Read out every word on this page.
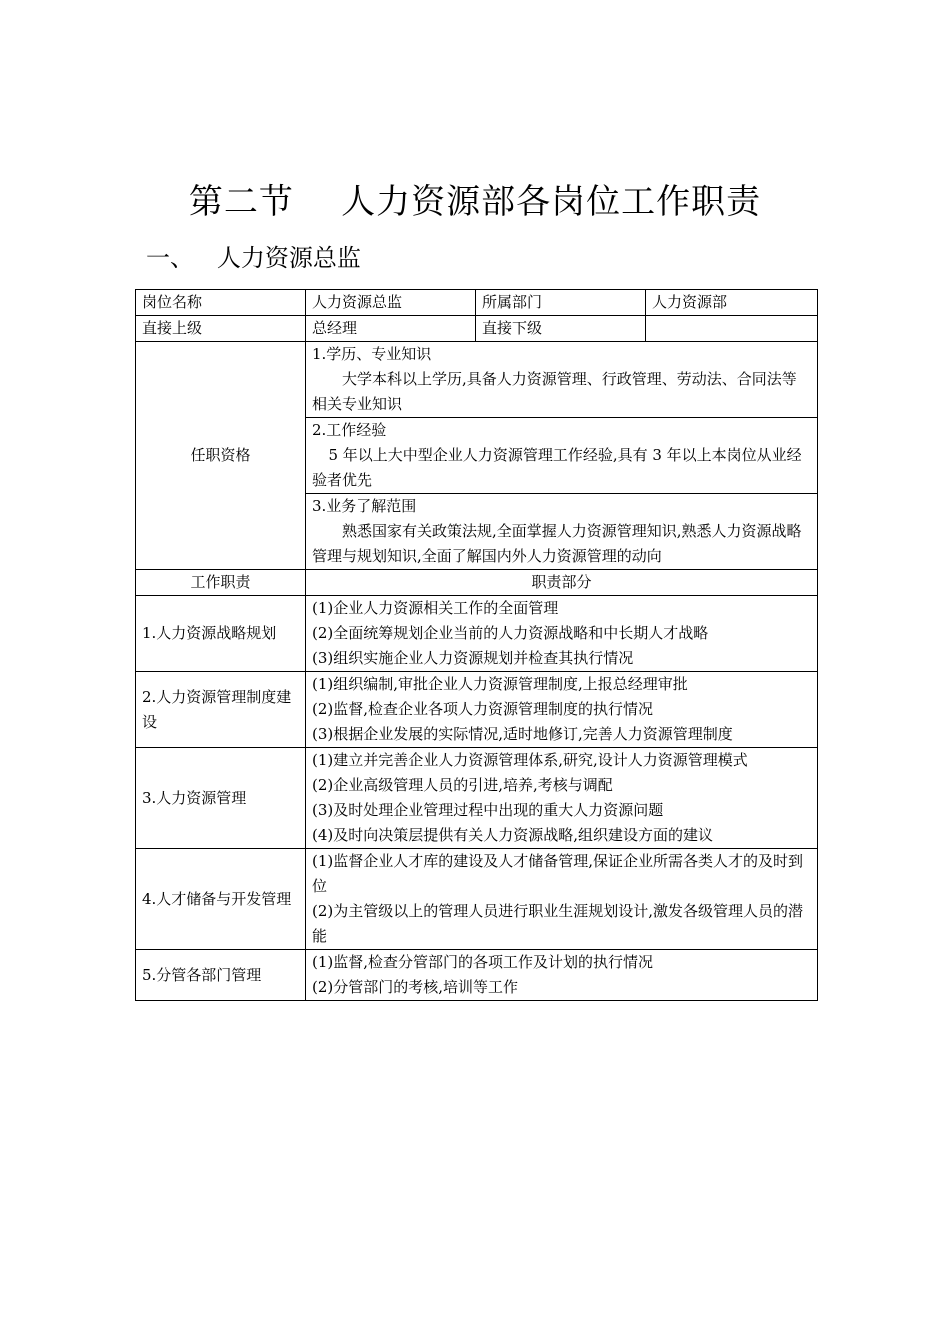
第二节    人力资源部各岗位工作职责
一、   人力资源总监
岗位名称	人力资源总监	所属部门	人力资源部
直接上级	总经理	直接下级	
任职资格	1.学历、专业知识
大学本科以上学历,具备人力资源管理、行政管理、劳动法、合同法等相关专业知识		

	2.工作经验
5 年以上大中型企业人力资源管理工作经验,具有 3 年以上本岗位从业经验者优先		

	3.业务了解范围
熟悉国家有关政策法规,全面掌握人力资源管理知识,熟悉人力资源战略管理与规划知识,全面了解国内外人力资源管理的动向		

工作职责	职责部分		
1.人力资源战略规划	(1)企业人力资源相关工作的全面管理
(2)全面统筹规划企业当前的人力资源战略和中长期人才战略
(3)组织实施企业人力资源规划并检查其执行情况		

2.人力资源管理制度建设	(1)组织编制,审批企业人力资源管理制度,上报总经理审批
(2)监督,检查企业各项人力资源管理制度的执行情况
(3)根据企业发展的实际情况,适时地修订,完善人力资源管理制度		

3.人力资源管理	(1)建立并完善企业人力资源管理体系,研究,设计人力资源管理模式
(2)企业高级管理人员的引进,培养,考核与调配
(3)及时处理企业管理过程中出现的重大人力资源问题
(4)及时向决策层提供有关人力资源战略,组织建设方面的建议		

4.人才储备与开发管理	(1)监督企业人才库的建设及人才储备管理,保证企业所需各类人才的及时到位
(2)为主管级以上的管理人员进行职业生涯规划设计,激发各级管理人员的潜能		

5.分管各部门管理	(1)监督,检查分管部门的各项工作及计划的执行情况
(2)分管部门的考核,培训等工作		
